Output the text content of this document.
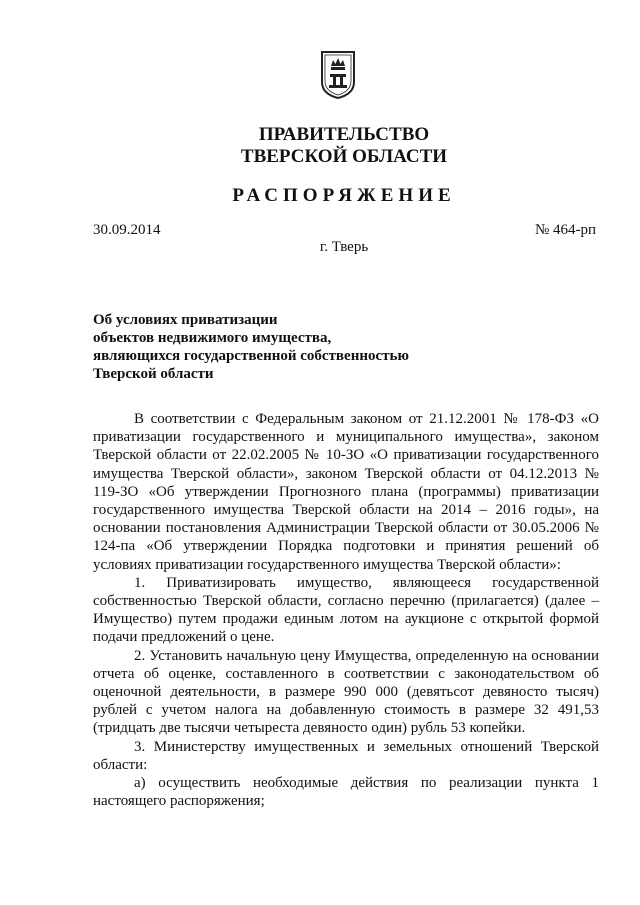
ПРАВИТЕЛЬСТВО
ТВЕРСКОЙ ОБЛАСТИ
РАСПОРЯЖЕНИЕ
30.09.2014	№ 464-рп
г. Тверь
Об условиях приватизации
объектов недвижимого имущества,
являющихся государственной собственностью
Тверской области

В соответствии с Федеральным законом от 21.12.2001 № 178-ФЗ «О приватизации государственного и муниципального имущества», законом Тверской области от 22.02.2005 № 10-ЗО «О приватизации государственного имущества Тверской области», законом Тверской области от 04.12.2013 № 119-ЗО «Об утверждении Прогнозного плана (программы) приватизации государственного имущества Тверской области на 2014 – 2016 годы», на основании постановления Администрации Тверской области от 30.05.2006 № 124-па «Об утверждении Порядка подготовки и принятия решений об условиях приватизации государственного имущества Тверской области»:

1. Приватизировать имущество, являющееся государственной собственностью Тверской области, согласно перечню (прилагается) (далее – Имущество) путем продажи единым лотом на аукционе с открытой формой подачи предложений о цене.

2. Установить начальную цену Имущества, определенную на основании отчета об оценке, составленного в соответствии с законодательством об оценочной деятельности, в размере 990 000 (девятьсот девяносто тысяч) рублей с учетом налога на добавленную стоимость в размере 32 491,53 (тридцать две тысячи четыреста девяносто один) рубль 53 копейки.

3. Министерству имущественных и земельных отношений Тверской области:

а) осуществить необходимые действия по реализации пункта 1 настоящего распоряжения;
